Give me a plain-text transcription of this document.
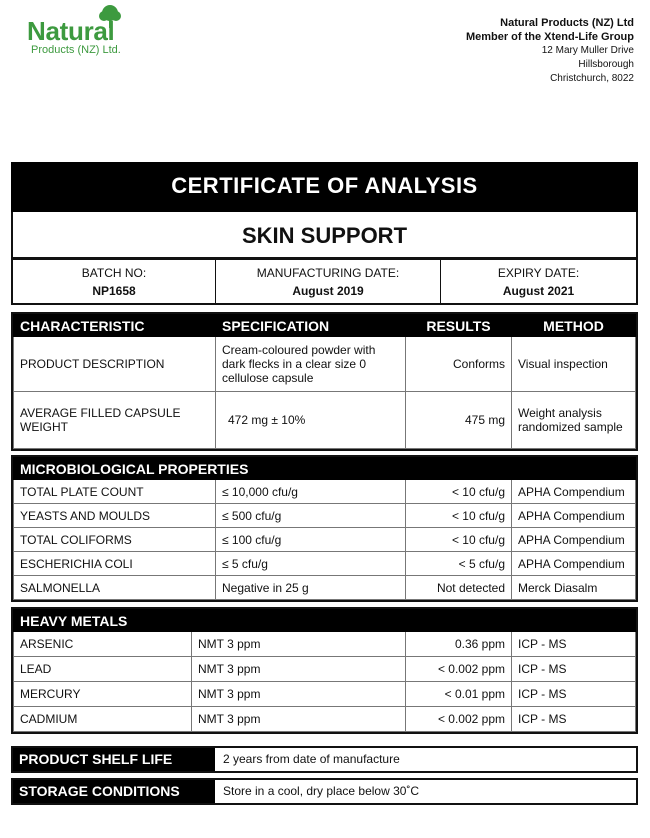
Natural
Products (NZ) Ltd.
Natural Products (NZ) Ltd
Member of the Xtend-Life Group
12 Mary Muller Drive
Hillsborough
Christchurch, 8022
CERTIFICATE OF ANALYSIS
SKIN SUPPORT
BATCH NO:
NP1658
MANUFACTURING DATE:
August 2019
EXPIRY DATE:
August 2021
CHARACTERISTIC	SPECIFICATION	RESULTS	METHOD
PRODUCT DESCRIPTION	Cream-coloured powder with dark flecks in a clear size 0 cellulose capsule	Conforms	Visual inspection
AVERAGE FILLED CAPSULE WEIGHT	472 mg ± 10%	475 mg	Weight analysis randomized sample
MICROBIOLOGICAL PROPERTIES			
TOTAL PLATE COUNT	≤ 10,000 cfu/g	< 10 cfu/g	APHA Compendium
YEASTS AND MOULDS	≤ 500 cfu/g	< 10 cfu/g	APHA Compendium
TOTAL COLIFORMS	≤ 100 cfu/g	< 10 cfu/g	APHA Compendium
ESCHERICHIA COLI	≤ 5 cfu/g	< 5 cfu/g	APHA Compendium
SALMONELLA	Negative in 25 g	Not detected	Merck Diasalm
HEAVY METALS			
ARSENIC	NMT 3 ppm	0.36 ppm	ICP - MS
LEAD	NMT 3 ppm	< 0.002 ppm	ICP - MS
MERCURY	NMT 3 ppm	< 0.01 ppm	ICP - MS
CADMIUM	NMT 3 ppm	< 0.002 ppm	ICP - MS
PRODUCT SHELF LIFE	2 years from date of manufacture
STORAGE CONDITIONS	Store in a cool, dry place below 30˚C
